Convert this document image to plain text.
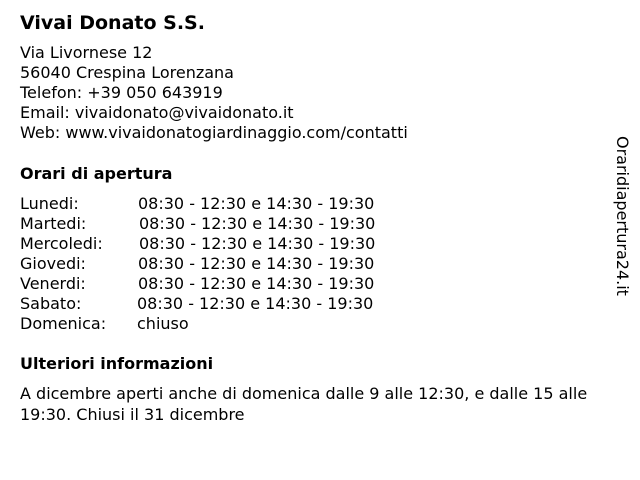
Vivai Donato S.S.
Via Livornese 12
56040 Crespina Lorenzana
Telefon: +39 050 643919
Email: vivaidonato@vivaidonato.it
Web: www.vivaidonatogiardinaggio.com/contatti
Orari di apertura
Lunedi:	08:30 - 12:30 e 14:30 - 19:30
Martedi:	08:30 - 12:30 e 14:30 - 19:30
Mercoledi: 08:30 - 12:30 e 14:30 - 19:30
Giovedi:	08:30 - 12:30 e 14:30 - 19:30
Venerdi:	08:30 - 12:30 e 14:30 - 19:30
Sabato:	08:30 - 12:30 e 14:30 - 19:30
Domenica: chiuso
Ulteriori informazioni
A dicembre aperti anche di domenica dalle 9 alle 12:30, e dalle 15 alle 19:30. Chiusi il 31 dicembre
Oraridiapertura24.it
